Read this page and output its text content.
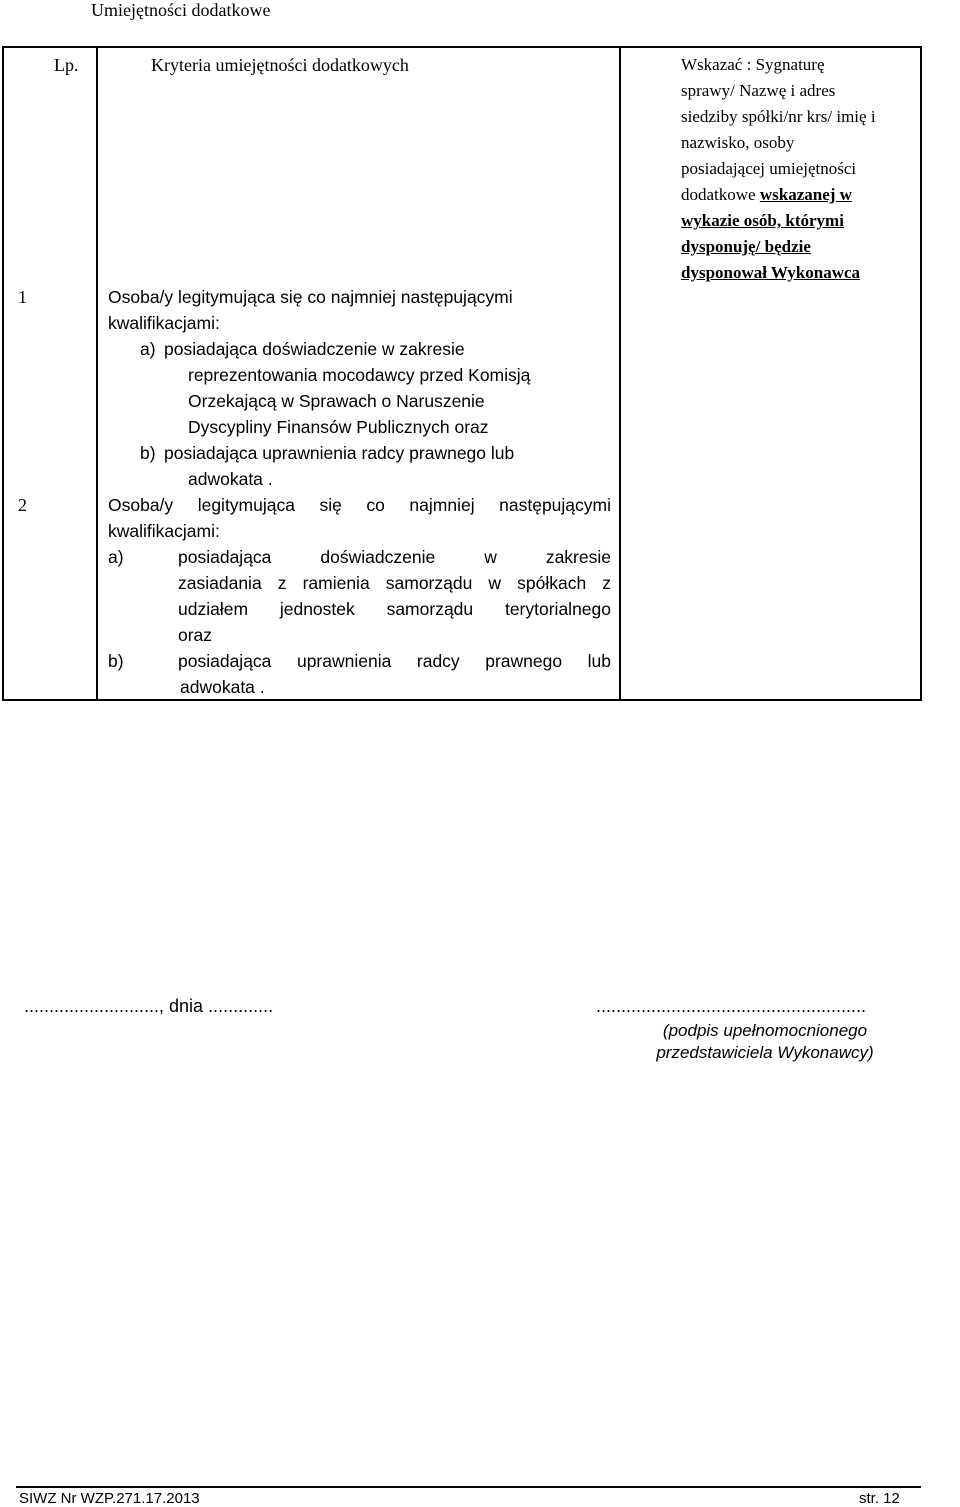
Umiejętności dodatkowe
Lp.	Kryteria umiejętności dodatkowych	Wskazać : Sygnaturę
sprawy/ Nazwę i adres
siedziby spółki/nr krs/ imię i
nazwisko, osoby
posiadającej umiejętności
dodatkowe wskazanej w
wykazie osób, którymi
dysponuję/ będzie
dysponował Wykonawca
1	Osoba/y legitymująca się co najmniej następującymi
kwalifikacjami:
a) posiadająca doświadczenie w zakresie
reprezentowania mocodawcy przed Komisją
Orzekającą w Sprawach o Naruszenie
Dyscypliny Finansów Publicznych oraz
b) posiadająca uprawnienia radcy prawnego lub
adwokata .
2	Osoba/y legitymująca się co najmniej następującymi
kwalifikacjami:
a)	posiadająca doświadczenie w zakresie
zasiadania z ramienia samorządu w spółkach z
udziałem jednostek samorządu terytorialnego
oraz
b)	posiadająca uprawnienia radcy prawnego lub
adwokata .
..........................., dnia .............	......................................................
(podpis upełnomocnionego
przedstawiciela Wykonawcy)
SIWZ Nr WZP.271.17.2013	str. 12
